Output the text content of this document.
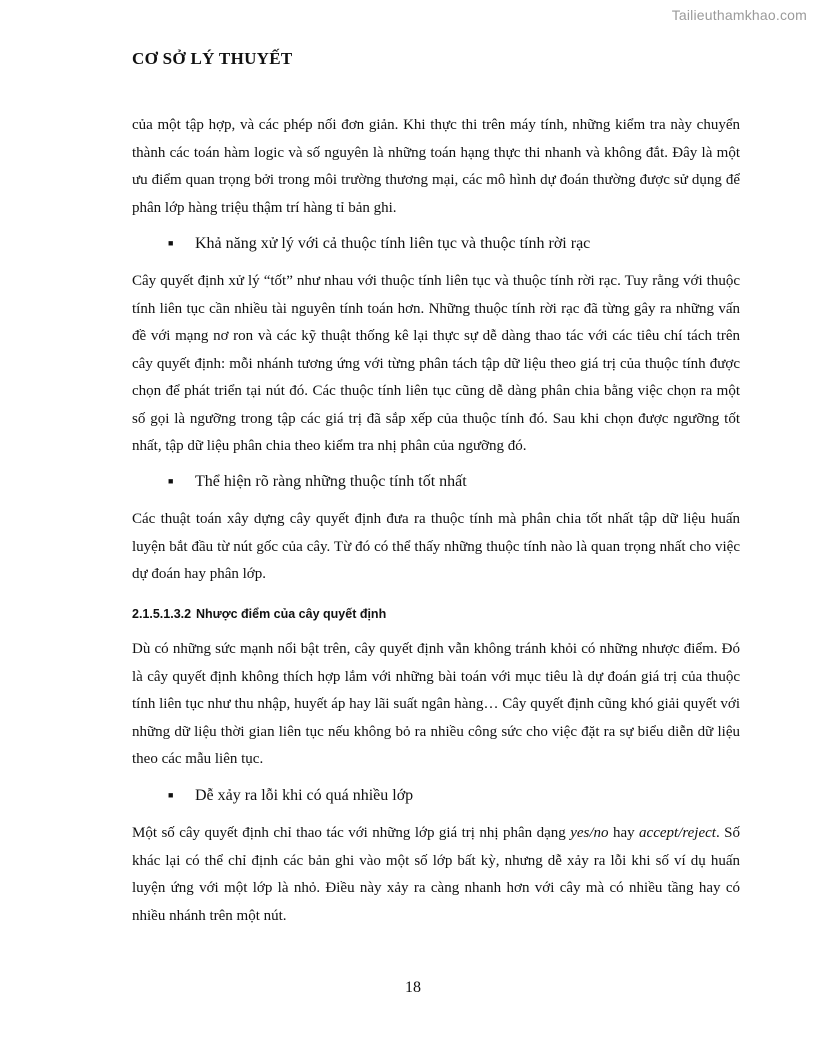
Tailieuthamkhao.com
CƠ SỞ LÝ THUYẾT

của một tập hợp, và các phép nối đơn giản. Khi thực thi trên máy tính, những kiểm tra này chuyển thành các toán hàm logic và số nguyên là những toán hạng thực thi nhanh và không đắt. Đây là một ưu điểm quan trọng bởi trong môi trường thương mại, các mô hình dự đoán thường được sử dụng để phân lớp hàng triệu thậm trí hàng tỉ bản ghi.

■ Khả năng xử lý với cả thuộc tính liên tục và thuộc tính rời rạc

Cây quyết định xử lý “tốt” như nhau với thuộc tính liên tục và thuộc tính rời rạc. Tuy rằng với thuộc tính liên tục cần nhiều tài nguyên tính toán hơn. Những thuộc tính rời rạc đã từng gây ra những vấn đề với mạng nơ ron và các kỹ thuật thống kê lại thực sự dễ dàng thao tác với các tiêu chí tách trên cây quyết định: mỗi nhánh tương ứng với từng phân tách tập dữ liệu theo giá trị của thuộc tính được chọn để phát triển tại nút đó. Các thuộc tính liên tục cũng dễ dàng phân chia bằng việc chọn ra một số gọi là ngưỡng trong tập các giá trị đã sắp xếp của thuộc tính đó. Sau khi chọn được ngưỡng tốt nhất, tập dữ liệu phân chia theo kiểm tra nhị phân của ngưỡng đó.

■ Thể hiện rõ ràng những thuộc tính tốt nhất

Các thuật toán xây dựng cây quyết định đưa ra thuộc tính mà phân chia tốt nhất tập dữ liệu huấn luyện bắt đầu từ nút gốc của cây. Từ đó có thể thấy những thuộc tính nào là quan trọng nhất cho việc dự đoán hay phân lớp.

2.1.5.1.3.2 Nhược điểm của cây quyết định

Dù có những sức mạnh nổi bật trên, cây quyết định vẫn không tránh khỏi có những nhược điểm. Đó là cây quyết định không thích hợp lắm với những bài toán với mục tiêu là dự đoán giá trị của thuộc tính liên tục như thu nhập, huyết áp hay lãi suất ngân hàng… Cây quyết định cũng khó giải quyết với những dữ liệu thời gian liên tục nếu không bỏ ra nhiều công sức cho việc đặt ra sự biểu diễn dữ liệu theo các mẫu liên tục.

■ Dễ xảy ra lỗi khi có quá nhiều lớp

Một số cây quyết định chỉ thao tác với những lớp giá trị nhị phân dạng yes/no hay accept/reject. Số khác lại có thể chỉ định các bản ghi vào một số lớp bất kỳ, nhưng dễ xảy ra lỗi khi số ví dụ huấn luyện ứng với một lớp là nhỏ. Điều này xảy ra càng nhanh hơn với cây mà có nhiều tầng hay có nhiều nhánh trên một nút.

18
